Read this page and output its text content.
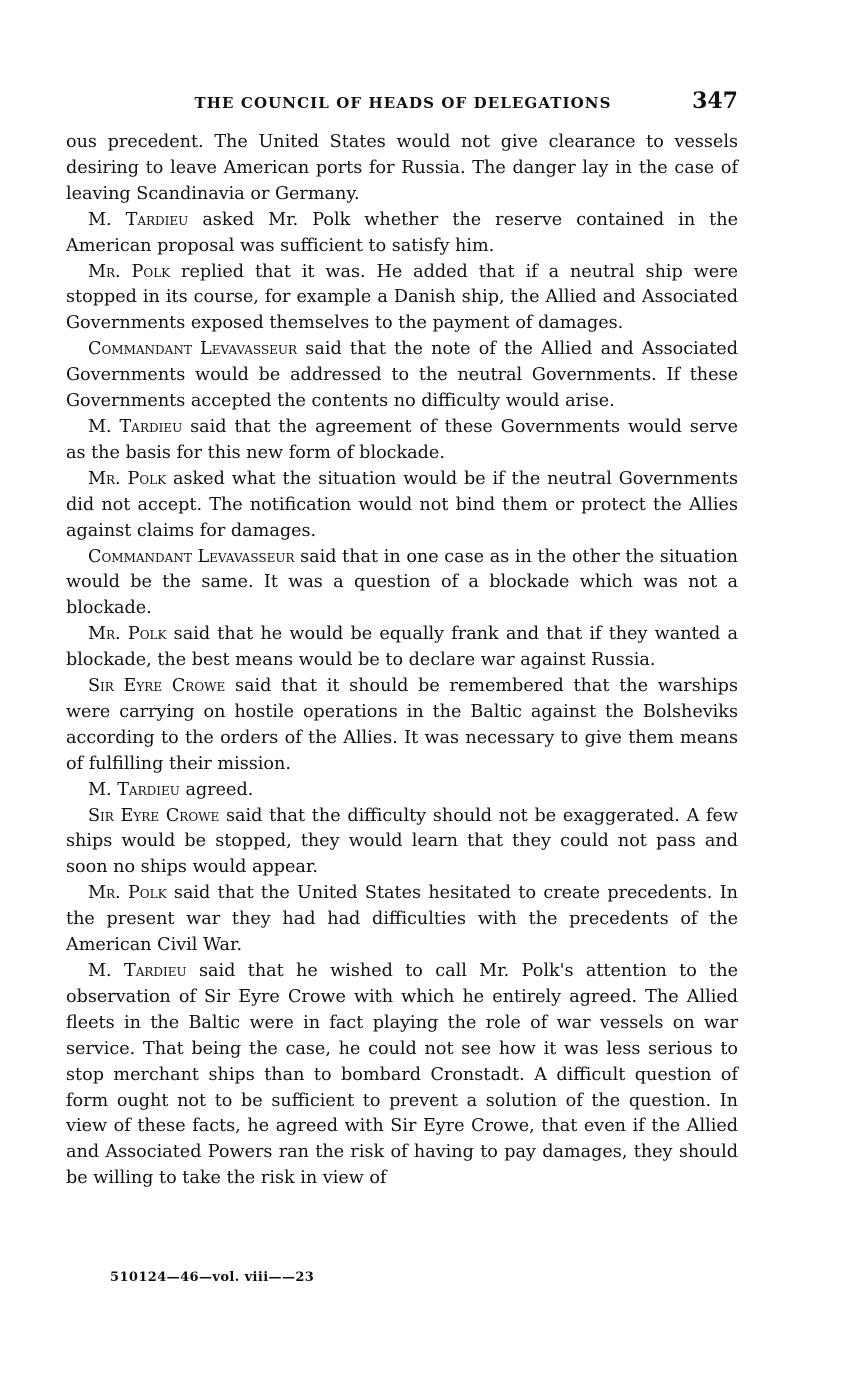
THE COUNCIL OF HEADS OF DELEGATIONS	347

ous precedent. The United States would not give clearance to vessels desiring to leave American ports for Russia. The danger lay in the case of leaving Scandinavia or Germany.

M. Tardieu asked Mr. Polk whether the reserve contained in the American proposal was sufficient to satisfy him.

Mr. Polk replied that it was. He added that if a neutral ship were stopped in its course, for example a Danish ship, the Allied and Associated Governments exposed themselves to the payment of damages.

Commandant Levavasseur said that the note of the Allied and Associated Governments would be addressed to the neutral Governments. If these Governments accepted the contents no difficulty would arise.

M. Tardieu said that the agreement of these Governments would serve as the basis for this new form of blockade.

Mr. Polk asked what the situation would be if the neutral Governments did not accept. The notification would not bind them or protect the Allies against claims for damages.

Commandant Levavasseur said that in one case as in the other the situation would be the same. It was a question of a blockade which was not a blockade.

Mr. Polk said that he would be equally frank and that if they wanted a blockade, the best means would be to declare war against Russia.

Sir Eyre Crowe said that it should be remembered that the warships were carrying on hostile operations in the Baltic against the Bolsheviks according to the orders of the Allies. It was necessary to give them means of fulfilling their mission.

M. Tardieu agreed.

Sir Eyre Crowe said that the difficulty should not be exaggerated. A few ships would be stopped, they would learn that they could not pass and soon no ships would appear.

Mr. Polk said that the United States hesitated to create precedents. In the present war they had had difficulties with the precedents of the American Civil War.

M. Tardieu said that he wished to call Mr. Polk's attention to the observation of Sir Eyre Crowe with which he entirely agreed. The Allied fleets in the Baltic were in fact playing the role of war vessels on war service. That being the case, he could not see how it was less serious to stop merchant ships than to bombard Cronstadt. A difficult question of form ought not to be sufficient to prevent a solution of the question. In view of these facts, he agreed with Sir Eyre Crowe, that even if the Allied and Associated Powers ran the risk of having to pay damages, they should be willing to take the risk in view of

510124—46—vol. viii——23
